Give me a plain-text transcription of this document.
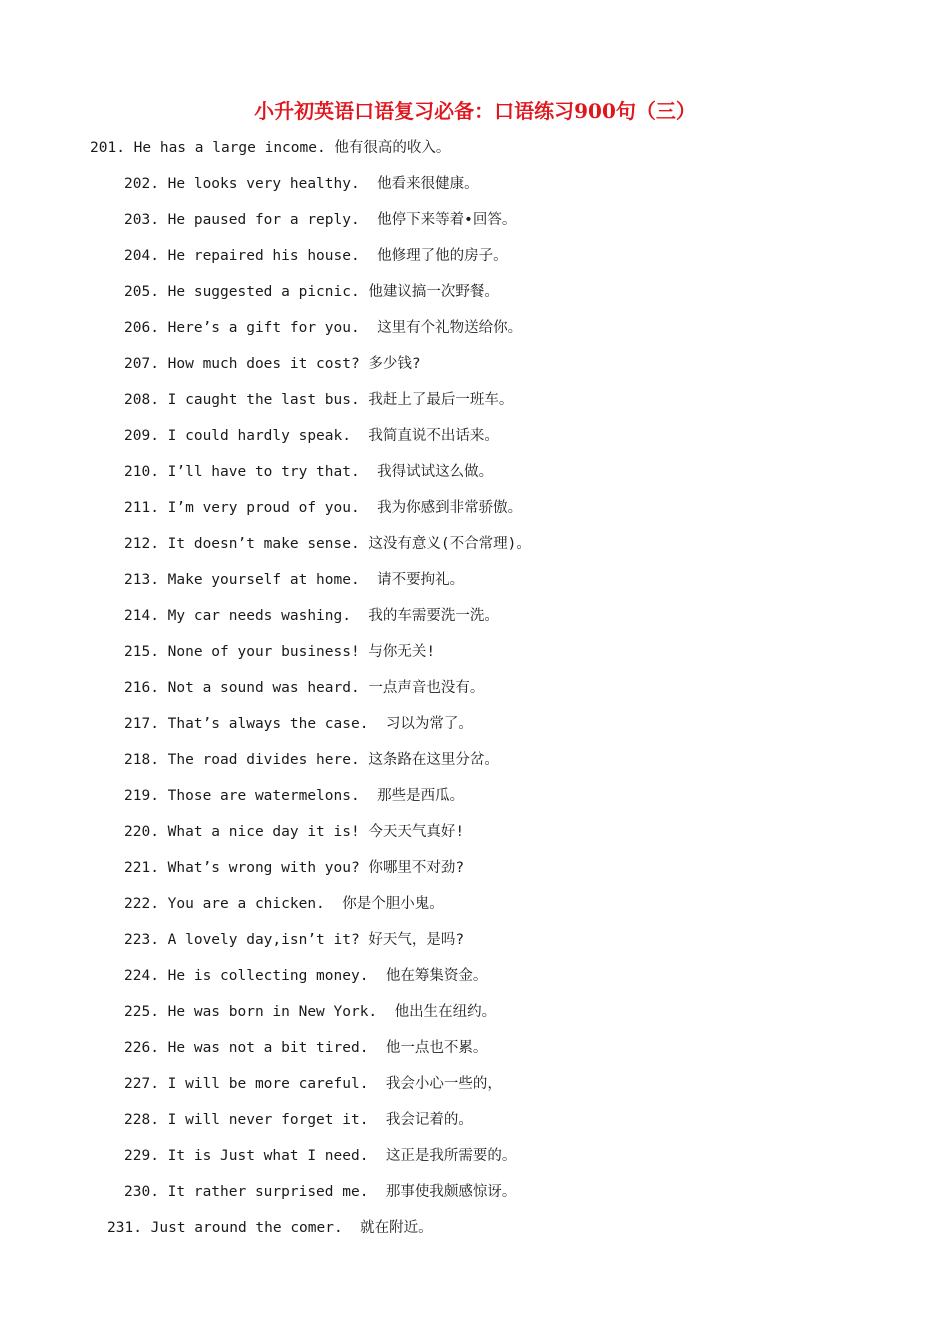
小升初英语口语复习必备：口语练习900句（三）
201. He has a large income. 他有很高的收入。
202. He looks very healthy.  他看来很健康。
203. He paused for a reply.  他停下来等着•回答。
204. He repaired his house.  他修理了他的房子。
205. He suggested a picnic. 他建议搞一次野餐。
206. Here’s a gift for you.  这里有个礼物送给你。
207. How much does it cost? 多少钱?
208. I caught the last bus. 我赶上了最后一班车。
209. I could hardly speak.  我简直说不出话来。
210. I’ll have to try that.  我得试试这么做。
211. I’m very proud of you.  我为你感到非常骄傲。
212. It doesn’t make sense. 这没有意义(不合常理)。
213. Make yourself at home.  请不要拘礼。
214. My car needs washing.  我的车需要洗一洗。
215. None of your business! 与你无关!
216. Not a sound was heard. 一点声音也没有。
217. That’s always the case.  习以为常了。
218. The road divides here. 这条路在这里分岔。
219. Those are watermelons.  那些是西瓜。
220. What a nice day it is! 今天天气真好!
221. What’s wrong with you? 你哪里不对劲?
222. You are a chicken.  你是个胆小鬼。
223. A lovely day,isn’t it? 好天气，是吗?
224. He is collecting money.  他在筹集资金。
225. He was born in New York.  他出生在纽约。
226. He was not a bit tired.  他一点也不累。
227. I will be more careful.  我会小心一些的，
228. I will never forget it.  我会记着的。
229. It is Just what I need.  这正是我所需要的。
230. It rather surprised me.  那事使我颇感惊讶。
231. Just around the comer.  就在附近。
